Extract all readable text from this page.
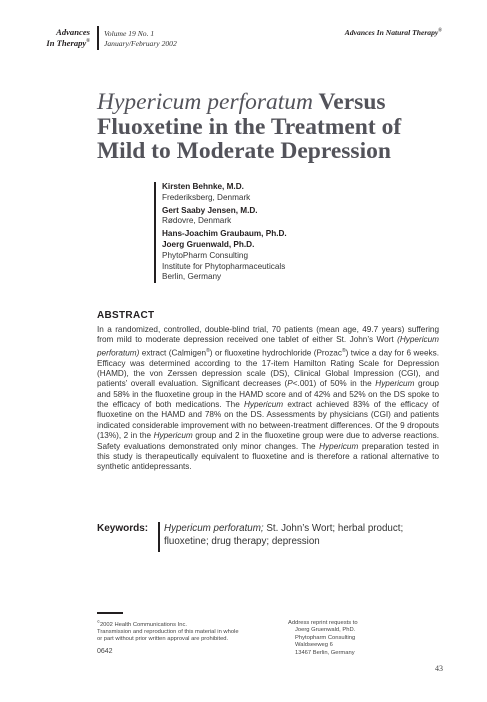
Advances
In Therapy®
Volume 19 No. 1
January/February 2002
Advances In Natural Therapy®
Hypericum perforatum Versus
Fluoxetine in the Treatment of
Mild to Moderate Depression
Kirsten Behnke, M.D.
Frederiksberg, Denmark
Gert Saaby Jensen, M.D.
Rødovre, Denmark
Hans-Joachim Graubaum, Ph.D.
Joerg Gruenwald, Ph.D.
PhytoPharm Consulting
Institute for Phytopharmaceuticals
Berlin, Germany
ABSTRACT
In a randomized, controlled, double-blind trial, 70 patients (mean age, 49.7 years) suffering from mild to moderate depression received one tablet of either St. John’s Wort (Hypericum perforatum) extract (Calmigen®) or fluoxetine hydrochloride (Prozac®) twice a day for 6 weeks. Efficacy was determined according to the 17-item Hamilton Rating Scale for Depression (HAMD), the von Zerssen depression scale (DS), Clinical Global Impression (CGI), and patients’ overall evaluation. Significant decreases (P<.001) of 50% in the Hypericum group and 58% in the fluoxetine group in the HAMD score and of 42% and 52% on the DS spoke to the efficacy of both medications. The Hypericum extract achieved 83% of the efficacy of fluoxetine on the HAMD and 78% on the DS. Assessments by physicians (CGI) and patients indicated considerable improvement with no between-treatment differences. Of the 9 dropouts (13%), 2 in the Hypericum group and 2 in the fluoxetine group were due to adverse reactions. Safety evaluations demonstrated only minor changes. The Hypericum preparation tested in this study is therapeutically equivalent to fluoxetine and is therefore a rational alternative to synthetic antidepressants.
Keywords: Hypericum perforatum; St. John’s Wort; herbal product; fluoxetine; drug therapy; depression
©2002 Health Communications Inc.
Transmission and reproduction of this material in whole
or part without prior written approval are prohibited.
0642
Address reprint requests to
Joerg Gruenwald, PhD.
Phytopharm Consulting
Waldseeweg 6
13467 Berlin, Germany
43
